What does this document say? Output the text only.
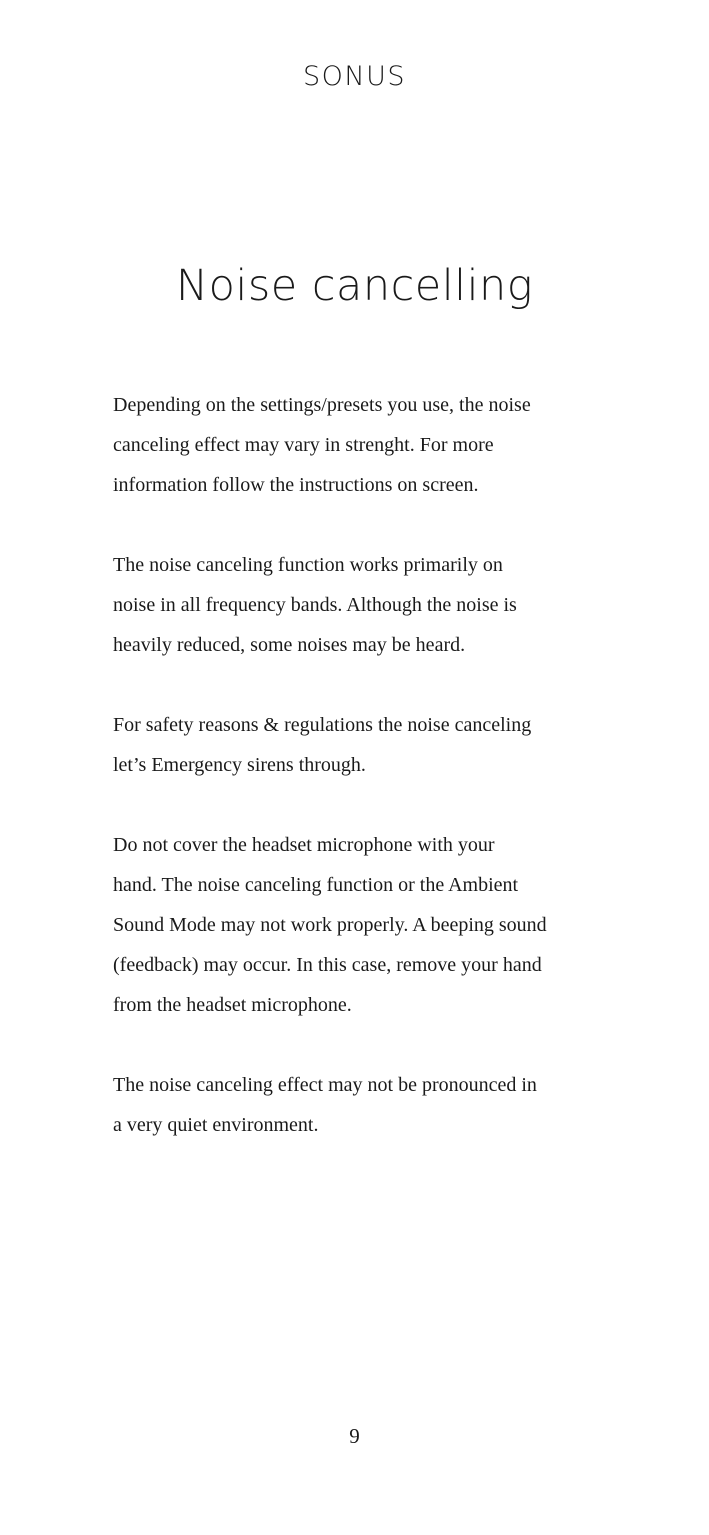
SONUS
Noise cancelling

Depending on the settings/presets you use, the noise
canceling effect may vary in strenght. For more
information follow the instructions on screen.

The noise canceling function works primarily on
noise in all frequency bands. Although the noise is
heavily reduced, some noises may be heard.

For safety reasons & regulations the noise canceling
let’s Emergency sirens through.

Do not cover the headset microphone with your
hand. The noise canceling function or the Ambient
Sound Mode may not work properly. A beeping sound
(feedback) may occur. In this case, remove your hand
from the headset microphone.

The noise canceling effect may not be pronounced in
a very quiet environment.

9
